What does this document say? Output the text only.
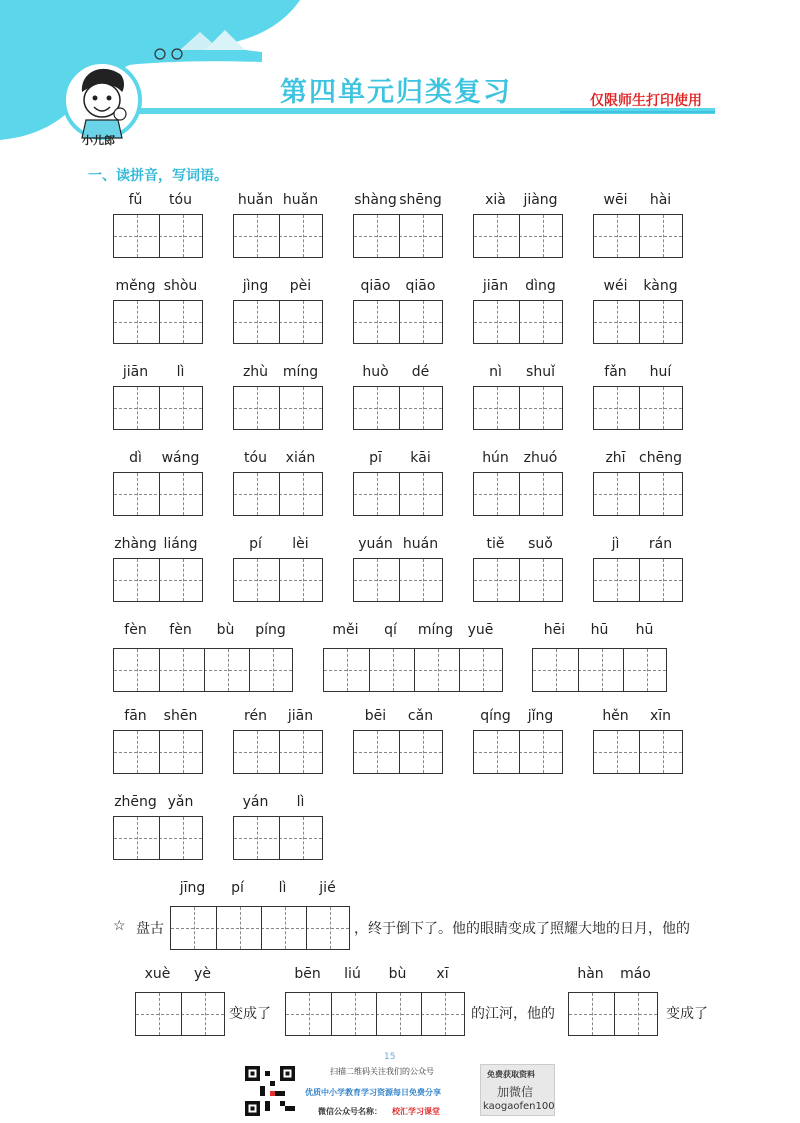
第四单元归类复习	仅限师生打印使用
小儿郎
一、读拼音，写词语。
fǔ	tóu	huǎn huǎn	shàng shēng	xià	jiàng	wēi	hài
měng shòu	jìng	pèi	qiāo	qiāo	jiān	dìng	wéi	kàng
jiān	lì	zhù	míng	huò	dé	nì	shuǐ	fǎn	huí
dì	wáng	tóu	xián	pī	kāi	hún	zhuó	zhī chēng
zhàng liáng	pí	lèi	yuán huán	tiě	suǒ	jì	rán
fèn	fèn	bù	píng	měi	qí	míng	yuē	hēi	hū	hū
fān	shēn	rén	jiān	bēi	cǎn	qíng	jǐng	hěn	xīn
zhēng yǎn	yán	lì
jīng	pí	lì	jié
xuè	yè	bēn	liú	bù	xī	hàn	máo
☆ 盘古	，终于倒下了。他的眼睛变成了照耀大地的日月，他的
变成了	的江河，他的	变成了
扫描二维码关注我们的公众号
15
优质中小学教育学习资源每日免费分享
微信公众号名称： 校汇学习课堂
免费获取资料
加微信
kaogaofen100
